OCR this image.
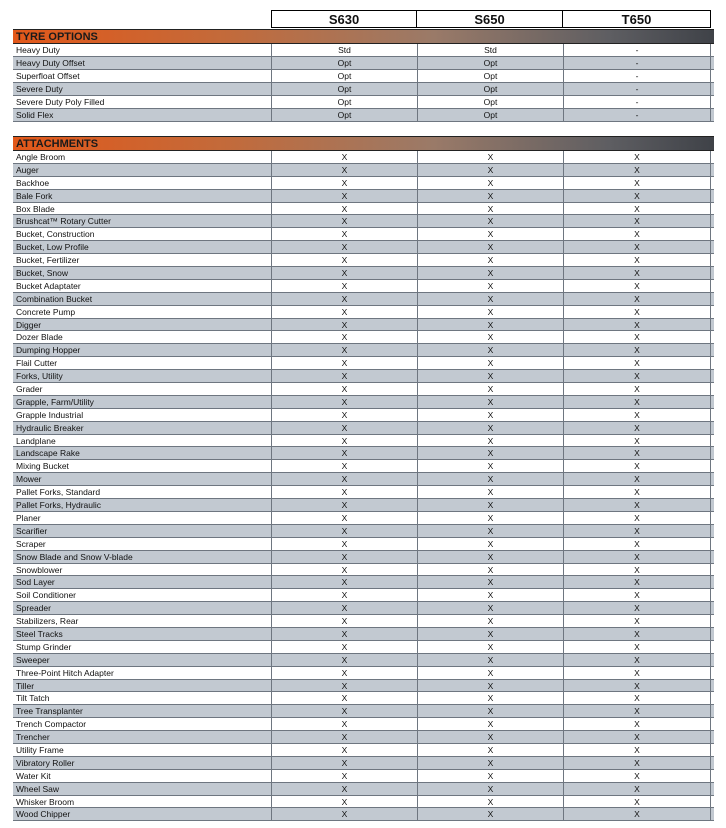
S630	S650	T650
TYRE OPTIONS
Heavy Duty	Std	Std	-
Heavy Duty Offset	Opt	Opt	-
Superfloat Offset	Opt	Opt	-
Severe Duty	Opt	Opt	-
Severe Duty Poly Filled	Opt	Opt	-
Solid Flex	Opt	Opt	-
ATTACHMENTS
Angle Broom	X	X	X
Auger	X	X	X
Backhoe	X	X	X
Bale Fork	X	X	X
Box Blade	X	X	X
Brushcat™ Rotary Cutter	X	X	X
Bucket, Construction	X	X	X
Bucket, Low Profile	X	X	X
Bucket, Fertilizer	X	X	X
Bucket, Snow	X	X	X
Bucket Adaptater	X	X	X
Combination Bucket	X	X	X
Concrete Pump	X	X	X
Digger	X	X	X
Dozer Blade	X	X	X
Dumping Hopper	X	X	X
Flail Cutter	X	X	X
Forks, Utility	X	X	X
Grader	X	X	X
Grapple, Farm/Utility	X	X	X
Grapple Industrial	X	X	X
Hydraulic Breaker	X	X	X
Landplane	X	X	X
Landscape Rake	X	X	X
Mixing Bucket	X	X	X
Mower	X	X	X
Pallet Forks, Standard	X	X	X
Pallet Forks, Hydraulic	X	X	X
Planer	X	X	X
Scarifier	X	X	X
Scraper	X	X	X
Snow Blade and Snow V-blade	X	X	X
Snowblower	X	X	X
Sod Layer	X	X	X
Soil Conditioner	X	X	X
Spreader	X	X	X
Stabilizers, Rear	X	X	X
Steel Tracks	X	X	X
Stump Grinder	X	X	X
Sweeper	X	X	X
Three-Point Hitch Adapter	X	X	X
Tiller	X	X	X
Tilt Tatch	X	X	X
Tree Transplanter	X	X	X
Trench Compactor	X	X	X
Trencher	X	X	X
Utility Frame	X	X	X
Vibratory Roller	X	X	X
Water Kit	X	X	X
Wheel Saw	X	X	X
Whisker Broom	X	X	X
Wood Chipper	X	X	X
